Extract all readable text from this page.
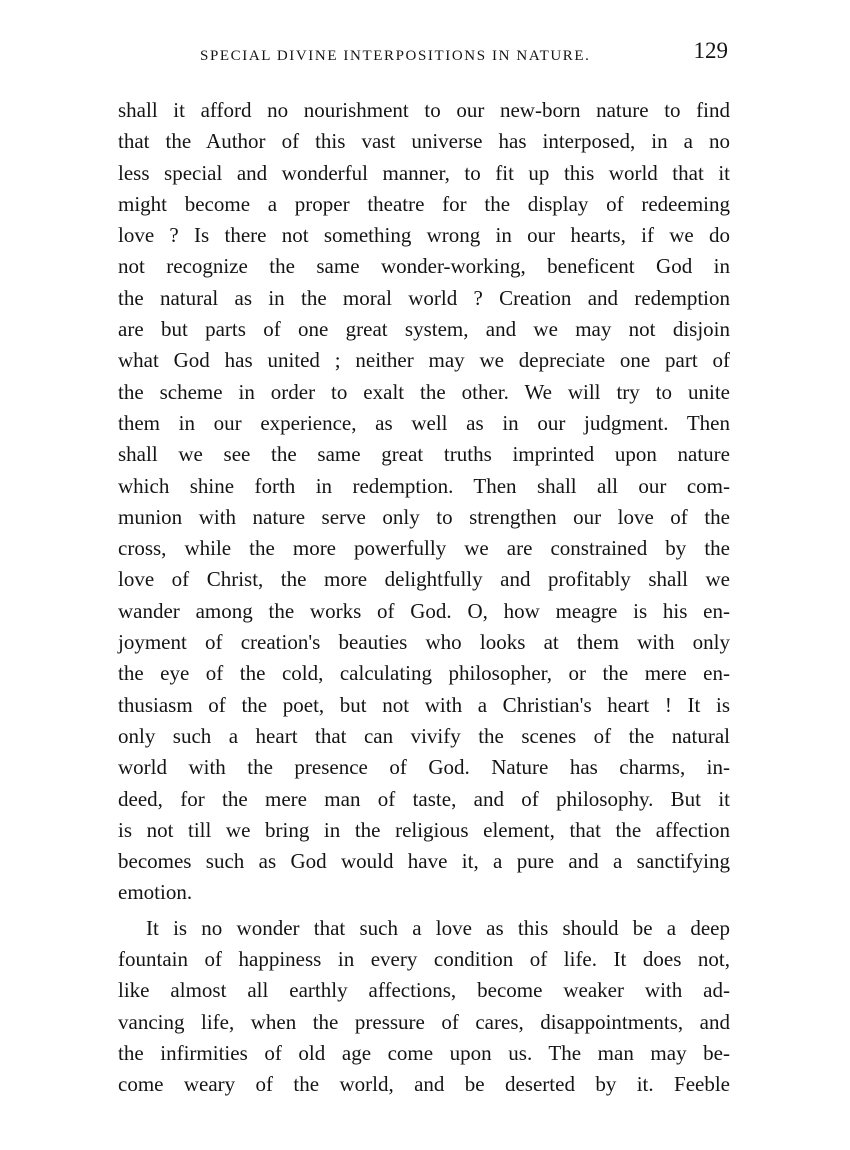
SPECIAL DIVINE INTERPOSITIONS IN NATURE.	129
shall it afford no nourishment to our new-born nature to find
that the Author of this vast universe has interposed, in a no
less special and wonderful manner, to fit up this world that it
might become a proper theatre for the display of redeeming
love ? Is there not something wrong in our hearts, if we do
not recognize the same wonder-working, beneficent God in
the natural as in the moral world ? Creation and redemption
are but parts of one great system, and we may not disjoin
what God has united ; neither may we depreciate one part of
the scheme in order to exalt the other. We will try to unite
them in our experience, as well as in our judgment. Then
shall we see the same great truths imprinted upon nature
which shine forth in redemption. Then shall all our com-
munion with nature serve only to strengthen our love of the
cross, while the more powerfully we are constrained by the
love of Christ, the more delightfully and profitably shall we
wander among the works of God. O, how meagre is his en-
joyment of creation's beauties who looks at them with only
the eye of the cold, calculating philosopher, or the mere en-
thusiasm of the poet, but not with a Christian's heart ! It is
only such a heart that can vivify the scenes of the natural
world with the presence of God. Nature has charms, in-
deed, for the mere man of taste, and of philosophy. But it
is not till we bring in the religious element, that the affection
becomes such as God would have it, a pure and a sanctifying
emotion.
It is no wonder that such a love as this should be a deep
fountain of happiness in every condition of life. It does not,
like almost all earthly affections, become weaker with ad-
vancing life, when the pressure of cares, disappointments, and
the infirmities of old age come upon us. The man may be-
come weary of the world, and be deserted by it. Feeble
